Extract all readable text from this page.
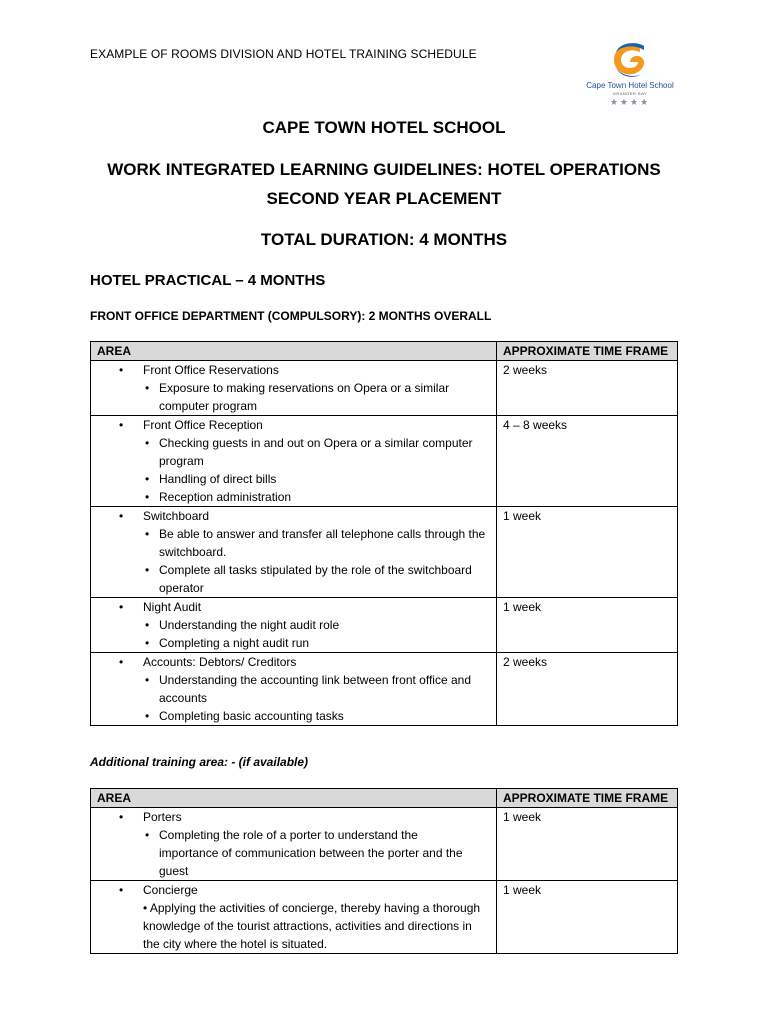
EXAMPLE OF ROOMS DIVISION AND HOTEL TRAINING SCHEDULE
Cape Town Hotel School
GRANGER BAY
★★★★
CAPE TOWN HOTEL SCHOOL
WORK INTEGRATED LEARNING GUIDELINES: HOTEL OPERATIONS
SECOND YEAR PLACEMENT
TOTAL DURATION: 4 MONTHS
HOTEL PRACTICAL – 4 MONTHS
FRONT OFFICE DEPARTMENT (COMPULSORY): 2 MONTHS OVERALL
AREA	APPROXIMATE TIME FRAME

• Front Office Reservations
• Exposure to making reservations on Opera or a similar computer program	2 weeks

• Front Office Reception
• Checking guests in and out on Opera or a similar computer program
• Handling of direct bills
• Reception administration	4 – 8 weeks

• Switchboard
• Be able to answer and transfer all telephone calls through the switchboard.
• Complete all tasks stipulated by the role of the switchboard operator	1 week

• Night Audit
• Understanding the night audit role
• Completing a night audit run	1 week

• Accounts: Debtors/ Creditors
• Understanding the accounting link between front office and accounts
• Completing basic accounting tasks	2 weeks
Additional training area: - (if available)
AREA	APPROXIMATE TIME FRAME

• Porters
• Completing the role of a porter to understand the importance of communication between the porter and the guest	1 week

• Concierge
• Applying the activities of concierge, thereby having a thorough knowledge of the tourist attractions, activities and directions in the city where the hotel is situated.	1 week
